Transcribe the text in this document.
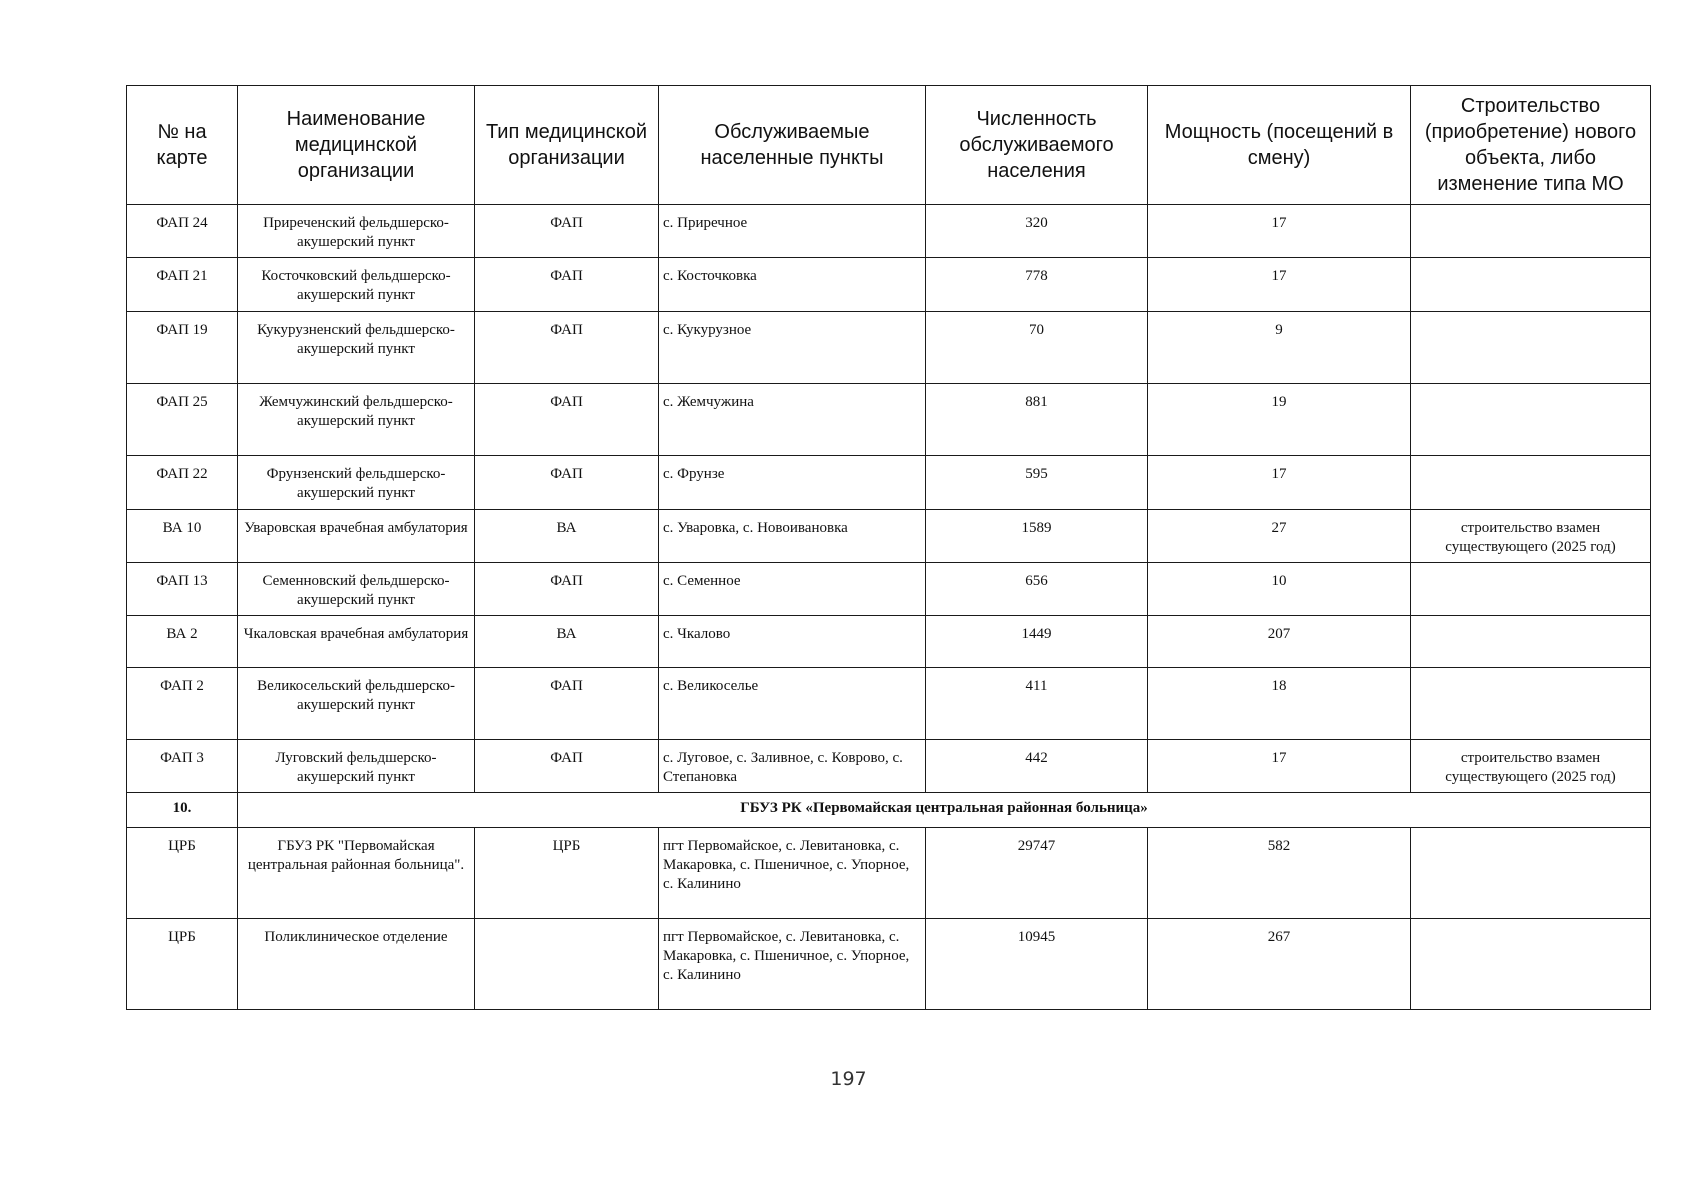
№ на карте	Наименование медицинской организации	Тип медицинской организации	Обслуживаемые населенные пункты	Численность обслуживаемого населения	Мощность (посещений в смену)	Строительство (приобретение) нового объекта, либо изменение типа МО
ФАП 24	Приреченский фельдшерско-акушерский пункт	ФАП	с. Приречное	320	17	
ФАП 21	Косточковский фельдшерско-акушерский пункт	ФАП	с. Косточковка	778	17	
ФАП 19	Кукурузненский фельдшерско- акушерский пункт	ФАП	с. Кукурузное	70	9	
ФАП 25	Жемчужинский фельдшерско- акушерский пункт	ФАП	с. Жемчужина	881	19	
ФАП 22	Фрунзенский фельдшерско-акушерский пункт	ФАП	с. Фрунзе	595	17	
ВА 10	Уваровская врачебная амбулатория	ВА	с. Уваровка, с. Новоивановка	1589	27	строительство взамен существующего (2025 год)
ФАП 13	Семенновский фельдшерско-акушерский пункт	ФАП	с. Семенное	656	10	
ВА 2	Чкаловская врачебная амбулатория	ВА	с. Чкалово	1449	207	
ФАП 2	Великосельский фельдшерско- акушерский пункт	ФАП	с. Великоселье	411	18	
ФАП 3	Луговский фельдшерско-акушерский пункт	ФАП	с. Луговое, с. Заливное, с. Коврово, с. Степановка	442	17	строительство взамен существующего (2025 год)
10.	ГБУЗ РК «Первомайская центральная районная больница»					
ЦРБ	ГБУЗ РК "Первомайская центральная районная больница".	ЦРБ	пгт Первомайское, с. Левитановка, с. Макаровка, с. Пшеничное, с. Упорное, с. Калинино	29747	582	
ЦРБ	Поликлиническое отделение		пгт Первомайское, с. Левитановка, с. Макаровка, с. Пшеничное, с. Упорное, с. Калинино	10945	267	
197
